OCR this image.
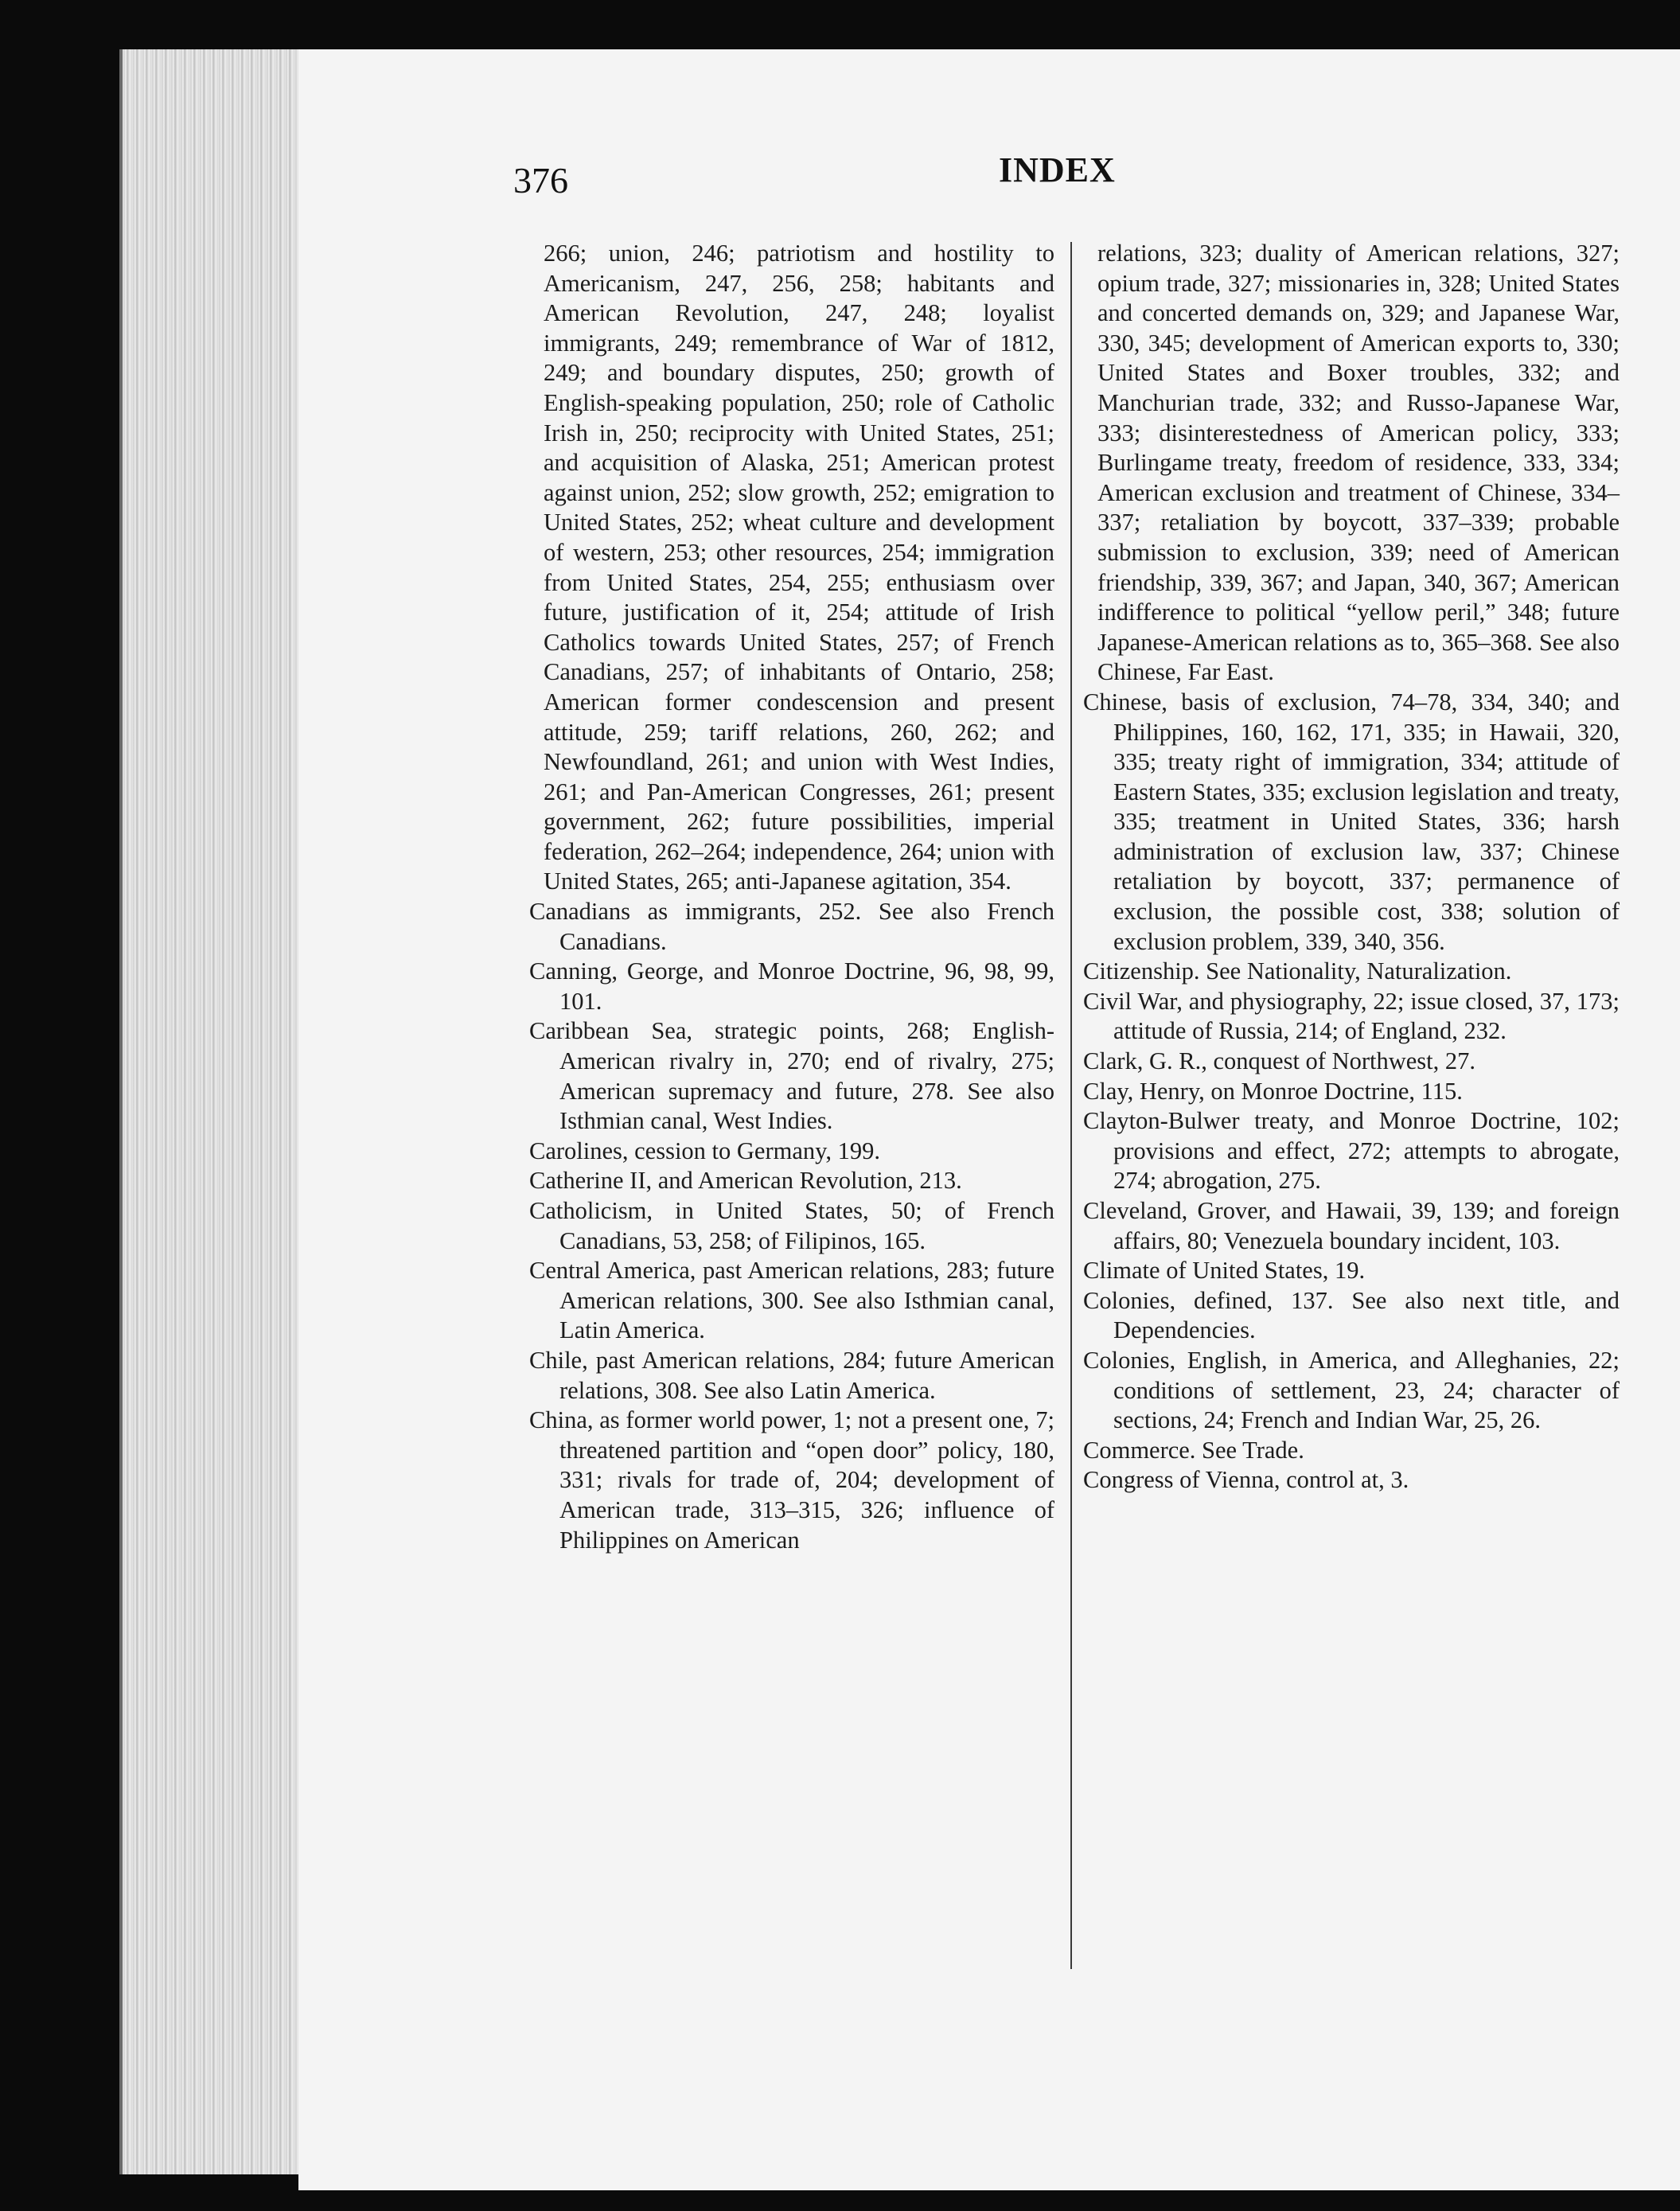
376	INDEX

266; union, 246; patriotism and hostility to Americanism, 247, 256, 258; habitants and American Revolution, 247, 248; loyalist immigrants, 249; remembrance of War of 1812, 249; and boundary disputes, 250; growth of English-speaking population, 250; role of Catholic Irish in, 250; reciprocity with United States, 251; and acquisition of Alaska, 251; American protest against union, 252; slow growth, 252; emigration to United States, 252; wheat culture and development of western, 253; other resources, 254; immigration from United States, 254, 255; enthusiasm over future, justification of it, 254; attitude of Irish Catholics towards United States, 257; of French Canadians, 257; of inhabitants of Ontario, 258; American former condescension and present attitude, 259; tariff relations, 260, 262; and Newfoundland, 261; and union with West Indies, 261; and Pan-American Congresses, 261; present government, 262; future possibilities, imperial federation, 262–264; independence, 264; union with United States, 265; anti-Japanese agitation, 354.

Canadians as immigrants, 252. See also French Canadians.

Canning, George, and Monroe Doctrine, 96, 98, 99, 101.

Caribbean Sea, strategic points, 268; English-American rivalry in, 270; end of rivalry, 275; American supremacy and future, 278. See also Isthmian canal, West Indies.

Carolines, cession to Germany, 199.

Catherine II, and American Revolution, 213.

Catholicism, in United States, 50; of French Canadians, 53, 258; of Filipinos, 165.

Central America, past American relations, 283; future American relations, 300. See also Isthmian canal, Latin America.

Chile, past American relations, 284; future American relations, 308. See also Latin America.

China, as former world power, 1; not a present one, 7; threatened partition and “open door” policy, 180, 331; rivals for trade of, 204; development of American trade, 313–315, 326; influence of Philippines on American

relations, 323; duality of American relations, 327; opium trade, 327; missionaries in, 328; United States and concerted demands on, 329; and Japanese War, 330, 345; development of American exports to, 330; United States and Boxer troubles, 332; and Manchurian trade, 332; and Russo-Japanese War, 333; disinterestedness of American policy, 333; Burlingame treaty, freedom of residence, 333, 334; American exclusion and treatment of Chinese, 334–337; retaliation by boycott, 337–339; probable submission to exclusion, 339; need of American friendship, 339, 367; and Japan, 340, 367; American indifference to political “yellow peril,” 348; future Japanese-American relations as to, 365–368. See also Chinese, Far East.

Chinese, basis of exclusion, 74–78, 334, 340; and Philippines, 160, 162, 171, 335; in Hawaii, 320, 335; treaty right of immigration, 334; attitude of Eastern States, 335; exclusion legislation and treaty, 335; treatment in United States, 336; harsh administration of exclusion law, 337; Chinese retaliation by boycott, 337; permanence of exclusion, the possible cost, 338; solution of exclusion problem, 339, 340, 356.

Citizenship. See Nationality, Naturalization.

Civil War, and physiography, 22; issue closed, 37, 173; attitude of Russia, 214; of England, 232.

Clark, G. R., conquest of Northwest, 27.

Clay, Henry, on Monroe Doctrine, 115.

Clayton-Bulwer treaty, and Monroe Doctrine, 102; provisions and effect, 272; attempts to abrogate, 274; abrogation, 275.

Cleveland, Grover, and Hawaii, 39, 139; and foreign affairs, 80; Venezuela boundary incident, 103.

Climate of United States, 19.

Colonies, defined, 137. See also next title, and Dependencies.

Colonies, English, in America, and Alleghanies, 22; conditions of settlement, 23, 24; character of sections, 24; French and Indian War, 25, 26.

Commerce. See Trade.

Congress of Vienna, control at, 3.
